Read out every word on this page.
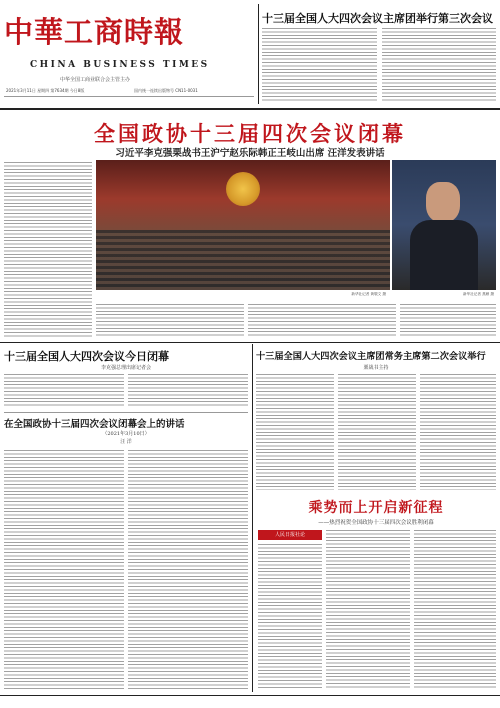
中華工商時報
CHINA BUSINESS TIMES
中华全国工商业联合会主管主办
2021年3月11日 星期四 第7634期 今日8版	国内统一连续出版物号 CN11-0031
十三届全国人大四次会议主席团举行第三次会议
全国政协十三届四次会议闭幕
习近平李克强栗战书王沪宁赵乐际韩正王岐山出席 汪洋发表讲话
新华社记者 黄敬文 摄	新华社记者 燕雁 摄
十三届全国人大四次会议今日闭幕
李克强总理出席记者会
在全国政协十三届四次会议闭幕会上的讲话
（2021年3月10日）
汪 洋
十三届全国人大四次会议主席团常务主席第二次会议举行
栗战书主持
乘势而上开启新征程
——热烈祝贺全国政协十三届四次会议胜利闭幕
人民日报社论
